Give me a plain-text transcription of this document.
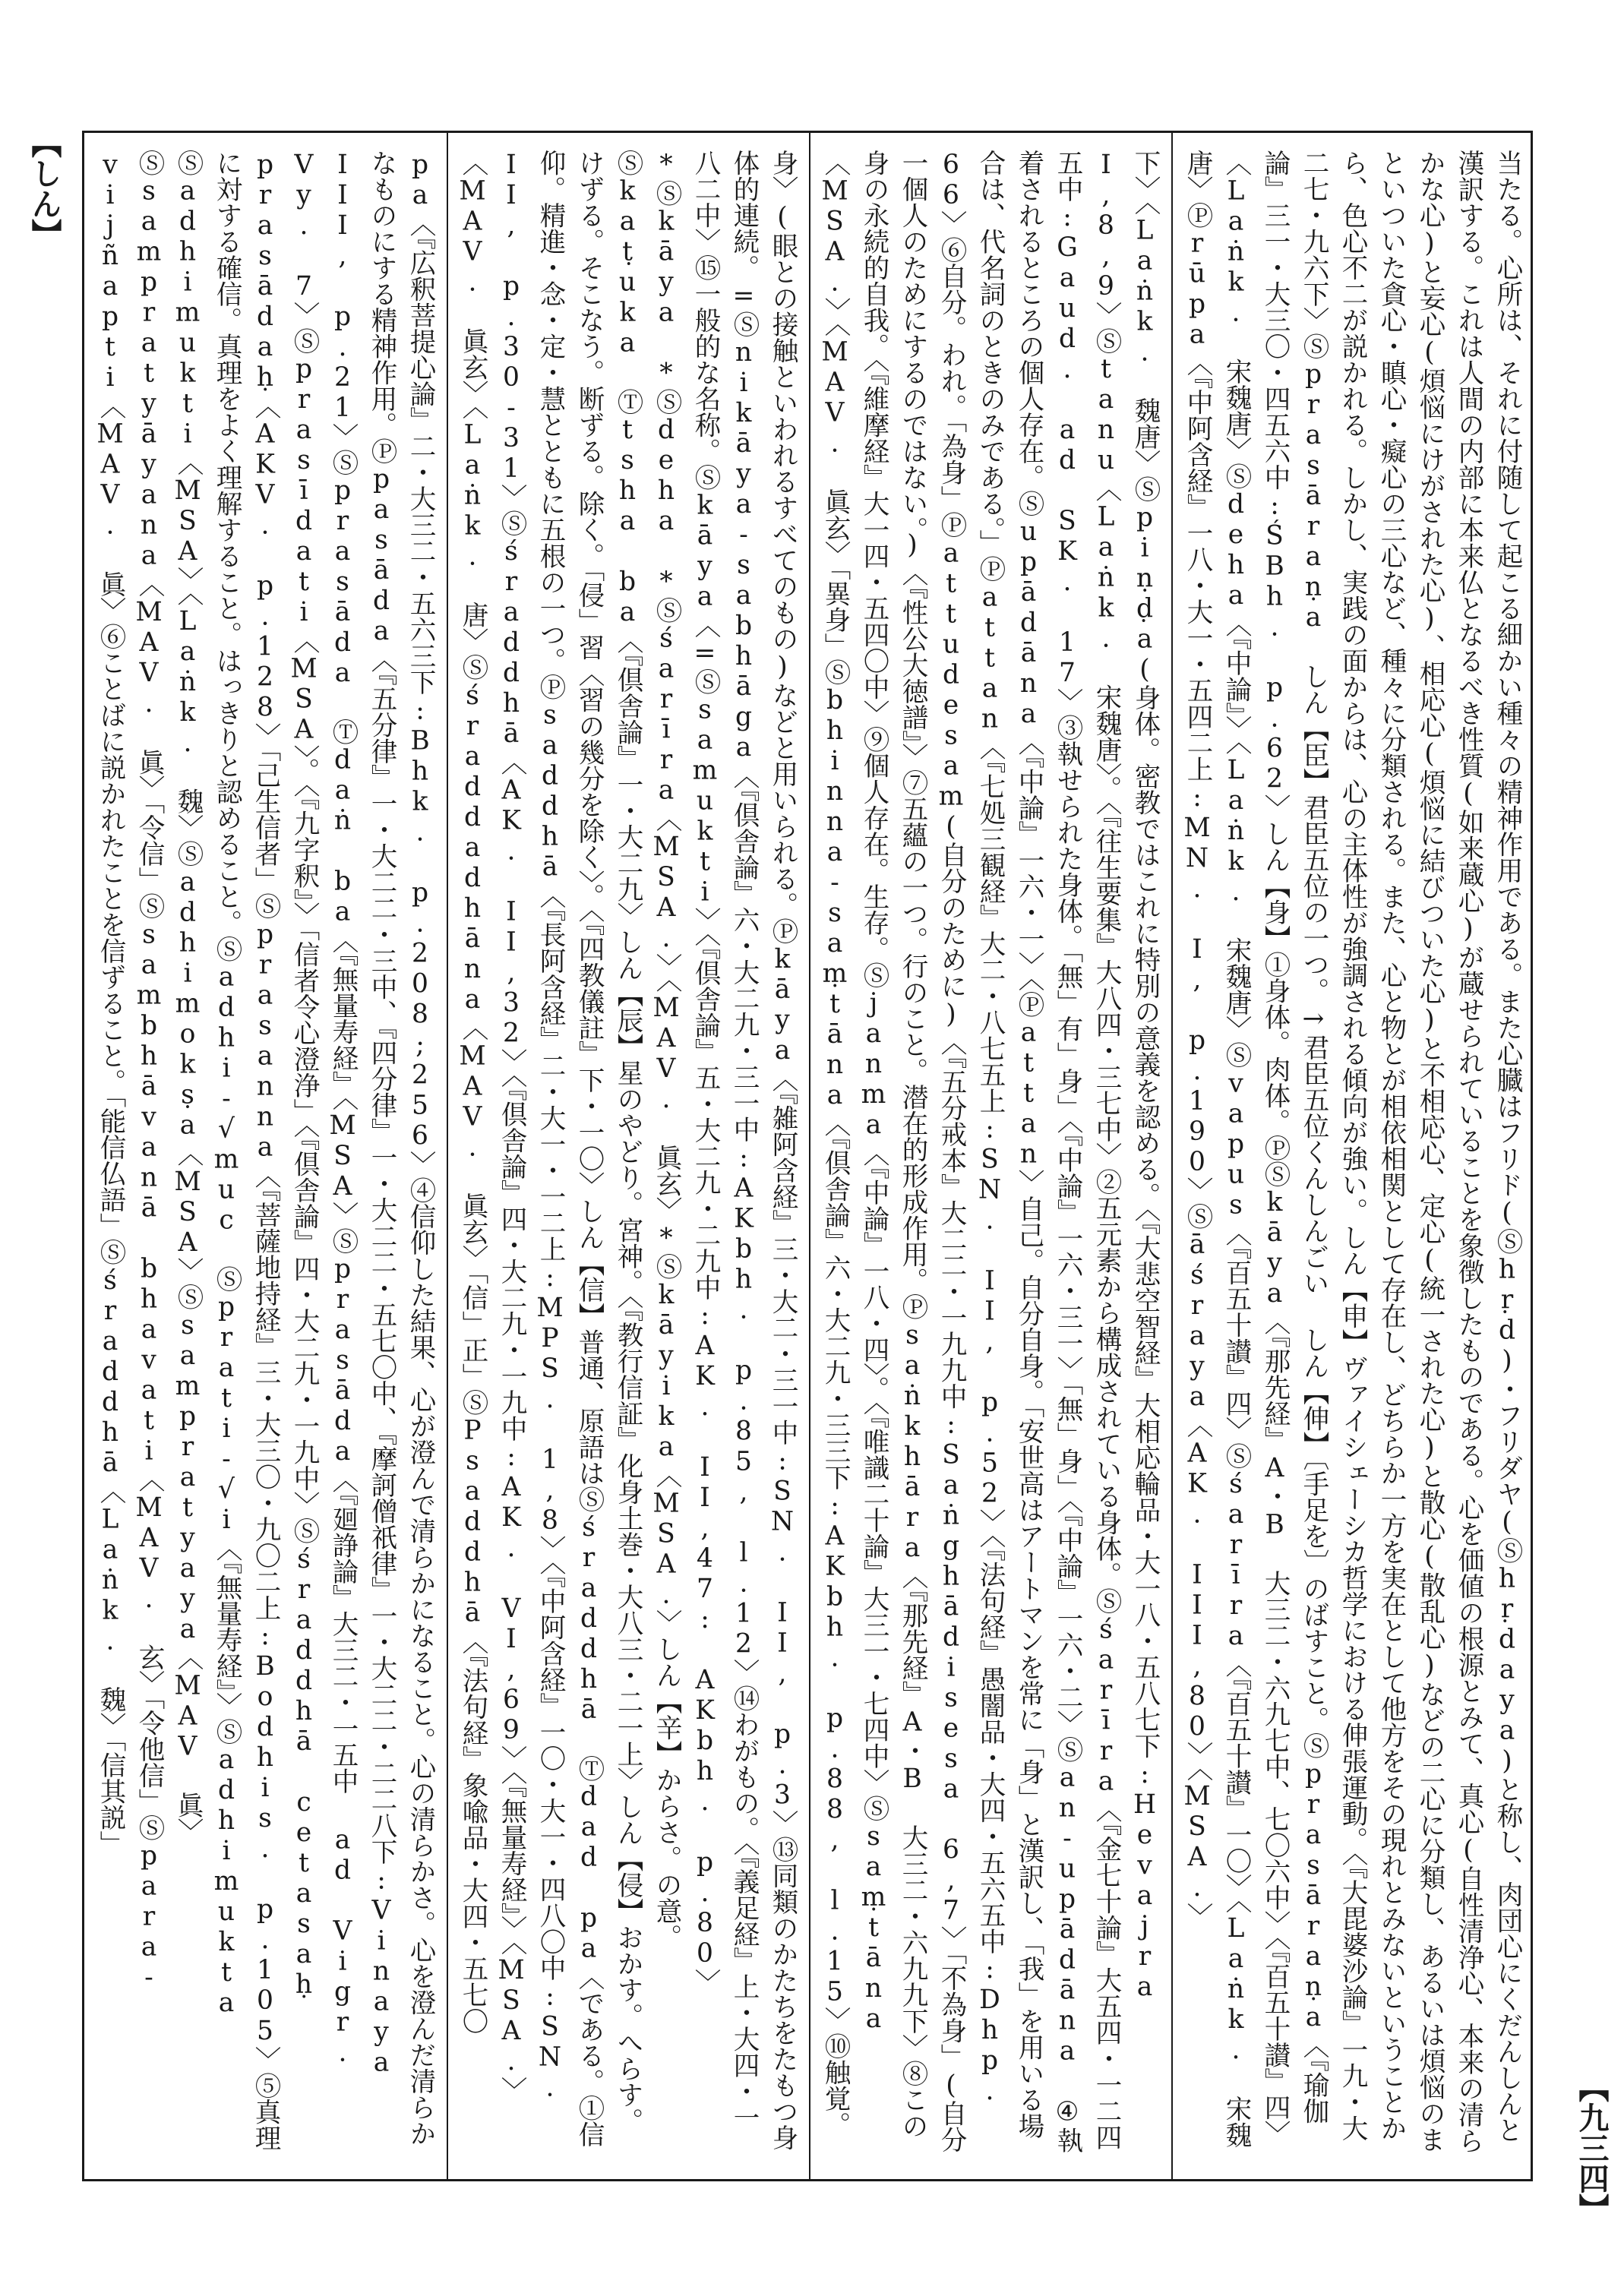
【しん】
【九三四】
pa〈『広釈菩提心論』二・大三二・五六三下:Bhk. p.208;256〉④信仰した結果、心が澄んで清らかになること。心の清らかさ。心を澄んだ清らかなものにする精神作用。Ⓟpasāda〈『五分律』一・大二二・三中、『四分律』一・大二二・五七〇中、『摩訶僧祇律』一・大二二・二二八下:Vinaya III, p.21〉Ⓢprasāda Ⓣdaṅ ba〈『無量寿経』〈MSA〉Ⓢprasāda〈『廻諍論』大三二・一五中 ad Vigr. Vy. 7〉Ⓢprasīdati〈MSA〉。〈『九字釈』〉「信者令心澄浄」〈『倶舎論』四・大二九・一九中〉Ⓢśraddhā cetasaḥ prasādaḥ〈AKV. p.128〉「己生信者」Ⓢprasanna〈『菩薩地持経』三・大三〇・九〇二上:Bodhis. p.105〉⑤真理に対する確信。真理をよく理解すること。はっきりと認めること。Ⓢadhi-√muc Ⓢprati-√i〈『無量寿経』〉Ⓢadhimukta Ⓢadhimukti〈MSA〉〈Laṅk. 魏〉Ⓢadhimokṣa〈MSA〉Ⓢsampratyaya〈MAV 眞〉Ⓢsampratyāyana〈MAV. 眞〉「令信」Ⓢsambhāvanā bhavati〈MAV. 玄〉「令他信」Ⓢpara-vijñapti〈MAV. 眞〉⑥ことばに説かれたことを信ずること。「能信仏語」Ⓢśraddhā〈Laṅk. 魏〉「信其説」
身〉(眼との接触といわれるすべてのもの)などと用いられる。Ⓟkāya〈『雑阿含経』三・大二・三一中:SN. II, p.3〉⑬同類のかたちをたもつ身体的連続。=Ⓢnikāya-sabhāga〈『倶舎論』六・大二九・三一中:AKbh. p.85, l.12〉⑭わがもの。〈『義足経』上・大四・一八二中〉⑮一般的な名称。Ⓢkāya〈=Ⓢsamukti〉〈『倶舎論』五・大二九・二九中:AK. II,47: AKbh. p.80〉*Ⓢkāya *Ⓢdeha *Ⓢśarīra〈MSA.〉〈MAV. 眞玄〉*Ⓢkāyika〈MSA.〉しん【辛】からさ。の意。Ⓢkaṭuka Ⓣtsha ba〈『倶舎論』一・大二九〉しん【辰】星のやどり。宮神。〈『教行信証』化身土巻・大八三・二一上〉しん【侵】おかす。へらす。けずる。そこなう。断ずる。除く。「侵」習〈習の幾分を除く〉。〈『四教儀註』下・一〇〉しん【信】普通、原語はⓈśraddhā Ⓣdad pa〈である。①信仰。精進・念・定・慧とともに五根の一つ。Ⓟsaddhā〈『長阿含経』二・大一・一二上:MPS. 1,8〉〈『中阿含経』一〇・大一・四八〇中:SN. II, p.30-31〉Ⓢśraddhā〈AK. II,32〉〈『倶舎論』四・大二九・一九中:AK. VI,69〉〈『無量寿経』〉〈MSA.〉〈MAV. 眞玄〉〈Laṅk. 唐〉Ⓢśraddadhāna〈MAV. 眞玄〉「信」正」ⓈPsaddhā〈『法句経』象喩品・大四・五七〇
下〉〈Laṅk. 魏唐〉Ⓢpiṇḍa(身体。密教ではこれに特別の意義を認める。〈『大悲空智経』大相応輪品・大一八・五八七下:Hevajra I,8,9〉Ⓢtanu〈Laṅk. 宋魏唐〉。〈『往生要集』大八四・三七中〉②五元素から構成されている身体。Ⓢśarīra〈『金七十論』大五四・一二四五中:Gaud. ad SK. 17〉③執せられた身体。「無」有」身」〈『中論』一六・三一〉「無」身」〈『中論』一六・二〉Ⓢan-upādāna ④執着されるところの個人存在。Ⓢupādāna〈『中論』一六・一〉〈Ⓟattan〉自己。自分自身。「安世高はアートマンを常に「身」と漢訳し、「我」を用いる場合は、代名詞のときのみである。」Ⓟattan〈『七処三観経』大二・八七五上:SN. II, p.52〉〈『法句経』愚闇品・大四・五六五中:Dhp. 66〉⑥自分。われ。「為身」Ⓟattudesam(自分のために)〈『五分戒本』大二二・一九九中:Saṅghādisesa 6,7〉「不為身」(自分一個人のためにするのではない。)〈『性公大徳譜』〉⑦五蘊の一つ。行のこと。潜在的形成作用。Ⓟsaṅkhāra〈『那先経』A・B 大三二・六九九下〉⑧この身の永続的自我。〈『維摩経』大一四・五四〇中〉⑨個人存在。生存。Ⓢjanma〈『中論』一八・四〉。〈『唯識二十論』大三一・七四中〉Ⓢsaṃtāna〈MSA.〉〈MAV. 眞玄〉「異身」Ⓢbhinna-saṃtāna〈『倶舎論』六・大二九・三三下:AKbh. p.88, l.15〉⑩触覚。	当たる。心所は、それに付随して起こる細かい種々の精神作用である。また心臓はフリド(Ⓢhṛd)・フリダヤ(Ⓢhṛdaya)と称し、肉団心にくだんしんと漢訳する。これは人間の内部に本来仏となるべき性質(如来蔵心)が蔵せられていることを象徴したものである。心を価値の根源とみて、真心(自性清浄心、本来の清らかな心)と妄心(煩悩にけがされた心)、相応心(煩悩に結びついた心)と不相応心、定心(統一された心)と散心(散乱心)などの二心に分類し、あるいは煩悩のまといついた貪心・瞋心・癡心の三心など、種々に分類される。また、心と物とが相依相関として存在し、どちらか一方を実在として他方をその現れとみないということから、色心不二が説かれる。しかし、実践の面からは、心の主体性が強調される傾向が強い。しん【申】ヴァイシェーシカ哲学における伸張運動。〈『大毘婆沙論』一九・大二七・九六下〉Ⓢprasāraṇa しん【臣】君臣五位の一つ。→君臣五位くんしんごい しん【伸】〔手足を〕のばすこと。Ⓢprasāraṇa〈『瑜伽論』三一・大三〇・四五六中:ŚBh. p.62〉しん【身】①身体。肉体。ⓅⓈkāya〈『那先経』A・B 大三二・六九七中、七〇六中〉〈『百五十讃』四〉〈Laṅk. 宋魏唐〉Ⓢdeha〈『中論』〉〈Laṅk. 宋魏唐〉Ⓢvapus〈『百五十讃』四〉Ⓢśarīra〈『百五十讃』一〇〉〈Laṅk. 宋魏唐〉Ⓟrūpa〈『中阿含経』一八・大一・五四二上:MN. I, p.190〉Ⓢāśraya〈AK. III,80〉〈MSA.〉
